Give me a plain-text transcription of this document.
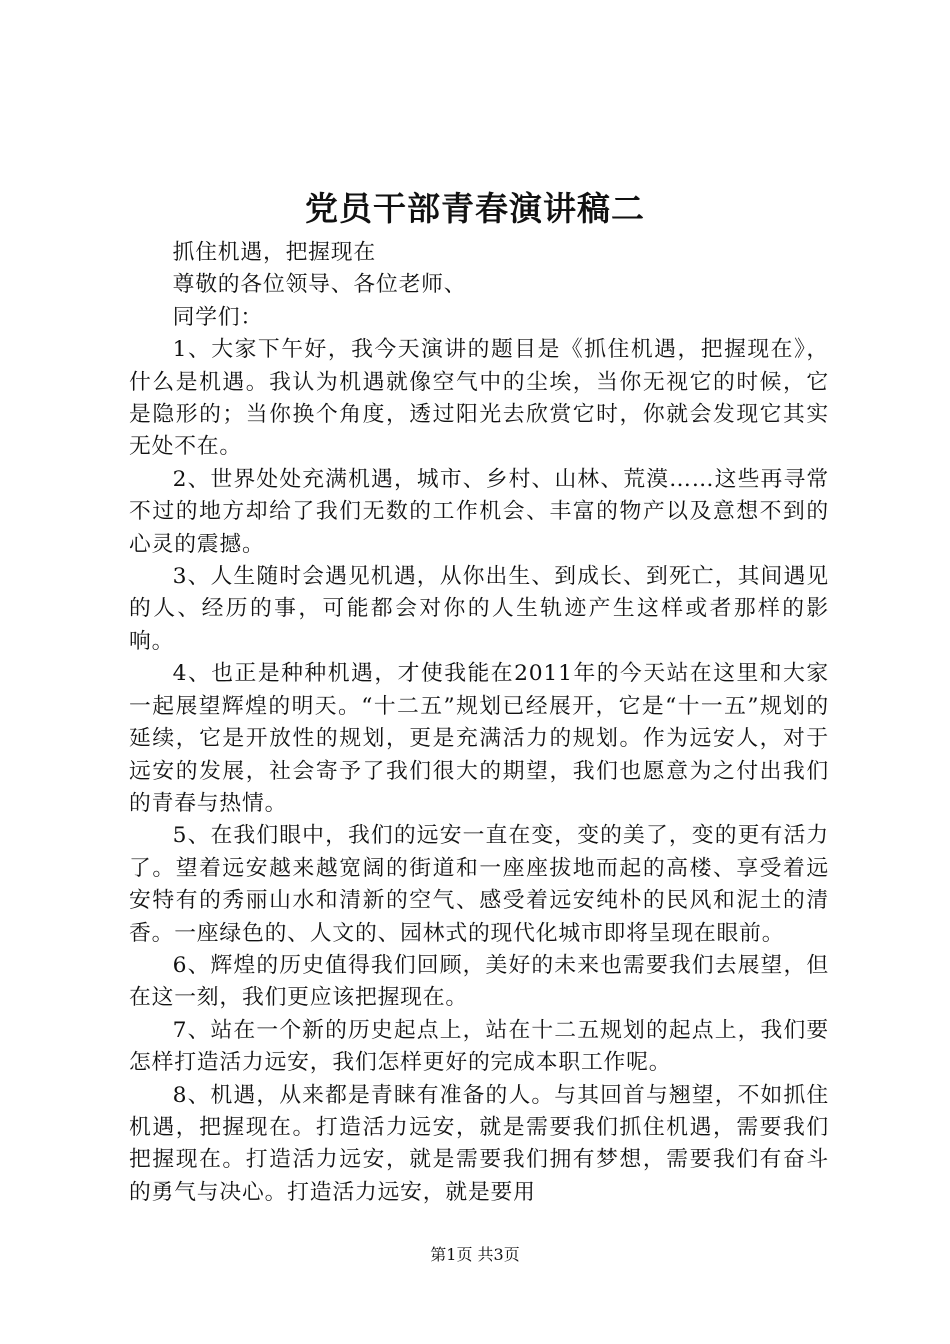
党员干部青春演讲稿二

抓住机遇，把握现在

尊敬的各位领导、各位老师、

同学们：

1、大家下午好，我今天演讲的题目是《抓住机遇，把握现在》，什么是机遇。我认为机遇就像空气中的尘埃，当你无视它的时候，它是隐形的；当你换个角度，透过阳光去欣赏它时，你就会发现它其实无处不在。

2、世界处处充满机遇，城市、乡村、山林、荒漠……这些再寻常不过的地方却给了我们无数的工作机会、丰富的物产以及意想不到的心灵的震撼。

3、人生随时会遇见机遇，从你出生、到成长、到死亡，其间遇见的人、经历的事，可能都会对你的人生轨迹产生这样或者那样的影响。

4、也正是种种机遇，才使我能在2011年的今天站在这里和大家一起展望辉煌的明天。“十二五”规划已经展开，它是“十一五”规划的延续，它是开放性的规划，更是充满活力的规划。作为远安人，对于远安的发展，社会寄予了我们很大的期望，我们也愿意为之付出我们的青春与热情。

5、在我们眼中，我们的远安一直在变，变的美了，变的更有活力了。望着远安越来越宽阔的街道和一座座拔地而起的高楼、享受着远安特有的秀丽山水和清新的空气、感受着远安纯朴的民风和泥土的清香。一座绿色的、人文的、园林式的现代化城市即将呈现在眼前。

6、辉煌的历史值得我们回顾，美好的未来也需要我们去展望，但在这一刻，我们更应该把握现在。

7、站在一个新的历史起点上，站在十二五规划的起点上，我们要怎样打造活力远安，我们怎样更好的完成本职工作呢。

8、机遇，从来都是青睐有准备的人。与其回首与翘望，不如抓住机遇，把握现在。打造活力远安，就是需要我们抓住机遇，需要我们把握现在。打造活力远安，就是需要我们拥有梦想，需要我们有奋斗的勇气与决心。打造活力远安，就是要用

第1页 共3页
